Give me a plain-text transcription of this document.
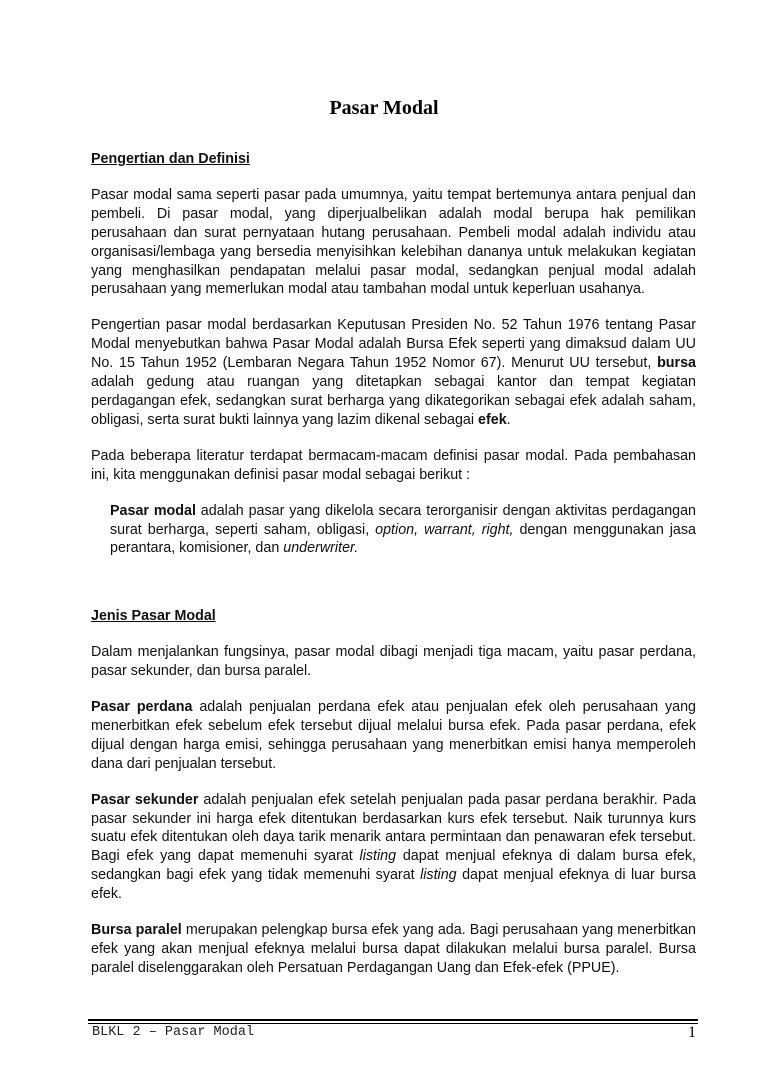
Pasar Modal
Pengertian dan Definisi

Pasar modal sama seperti pasar pada umumnya, yaitu tempat bertemunya antara penjual dan pembeli. Di pasar modal, yang diperjualbelikan adalah modal berupa hak pemilikan perusahaan dan surat pernyataan hutang perusahaan. Pembeli modal adalah individu atau organisasi/lembaga yang bersedia menyisihkan kelebihan dananya untuk melakukan kegiatan yang menghasilkan pendapatan melalui pasar modal, sedangkan penjual modal adalah perusahaan yang memerlukan modal atau tambahan modal untuk keperluan usahanya.

Pengertian pasar modal berdasarkan Keputusan Presiden No. 52 Tahun 1976 tentang Pasar Modal menyebutkan bahwa Pasar Modal adalah Bursa Efek seperti yang dimaksud dalam UU No. 15 Tahun 1952 (Lembaran Negara Tahun 1952 Nomor 67). Menurut UU tersebut, bursa adalah gedung atau ruangan yang ditetapkan sebagai kantor dan tempat kegiatan perdagangan efek, sedangkan surat berharga yang dikategorikan sebagai efek adalah saham, obligasi, serta surat bukti lainnya yang lazim dikenal sebagai efek.

Pada beberapa literatur terdapat bermacam-macam definisi pasar modal. Pada pembahasan ini, kita menggunakan definisi pasar modal sebagai berikut :

Pasar modal adalah pasar yang dikelola secara terorganisir dengan aktivitas perdagangan surat berharga, seperti saham, obligasi, option, warrant, right, dengan menggunakan jasa perantara, komisioner, dan underwriter.

Jenis Pasar Modal

Dalam menjalankan fungsinya, pasar modal dibagi menjadi tiga macam, yaitu pasar perdana, pasar sekunder, dan bursa paralel.

Pasar perdana adalah penjualan perdana efek atau penjualan efek oleh perusahaan yang menerbitkan efek sebelum efek tersebut dijual melalui bursa efek. Pada pasar perdana, efek dijual dengan harga emisi, sehingga perusahaan yang menerbitkan emisi hanya memperoleh dana dari penjualan tersebut.

Pasar sekunder adalah penjualan efek setelah penjualan pada pasar perdana berakhir. Pada pasar sekunder ini harga efek ditentukan berdasarkan kurs efek tersebut. Naik turunnya kurs suatu efek ditentukan oleh daya tarik menarik antara permintaan dan penawaran efek tersebut. Bagi efek yang dapat memenuhi syarat listing dapat menjual efeknya di dalam bursa efek, sedangkan bagi efek yang tidak memenuhi syarat listing dapat menjual efeknya di luar bursa efek.

Bursa paralel merupakan pelengkap bursa efek yang ada. Bagi perusahaan yang menerbitkan efek yang akan menjual efeknya melalui bursa dapat dilakukan melalui bursa paralel. Bursa paralel diselenggarakan oleh Persatuan Perdagangan Uang dan Efek-efek (PPUE).

BLKL 2 – Pasar Modal	1
